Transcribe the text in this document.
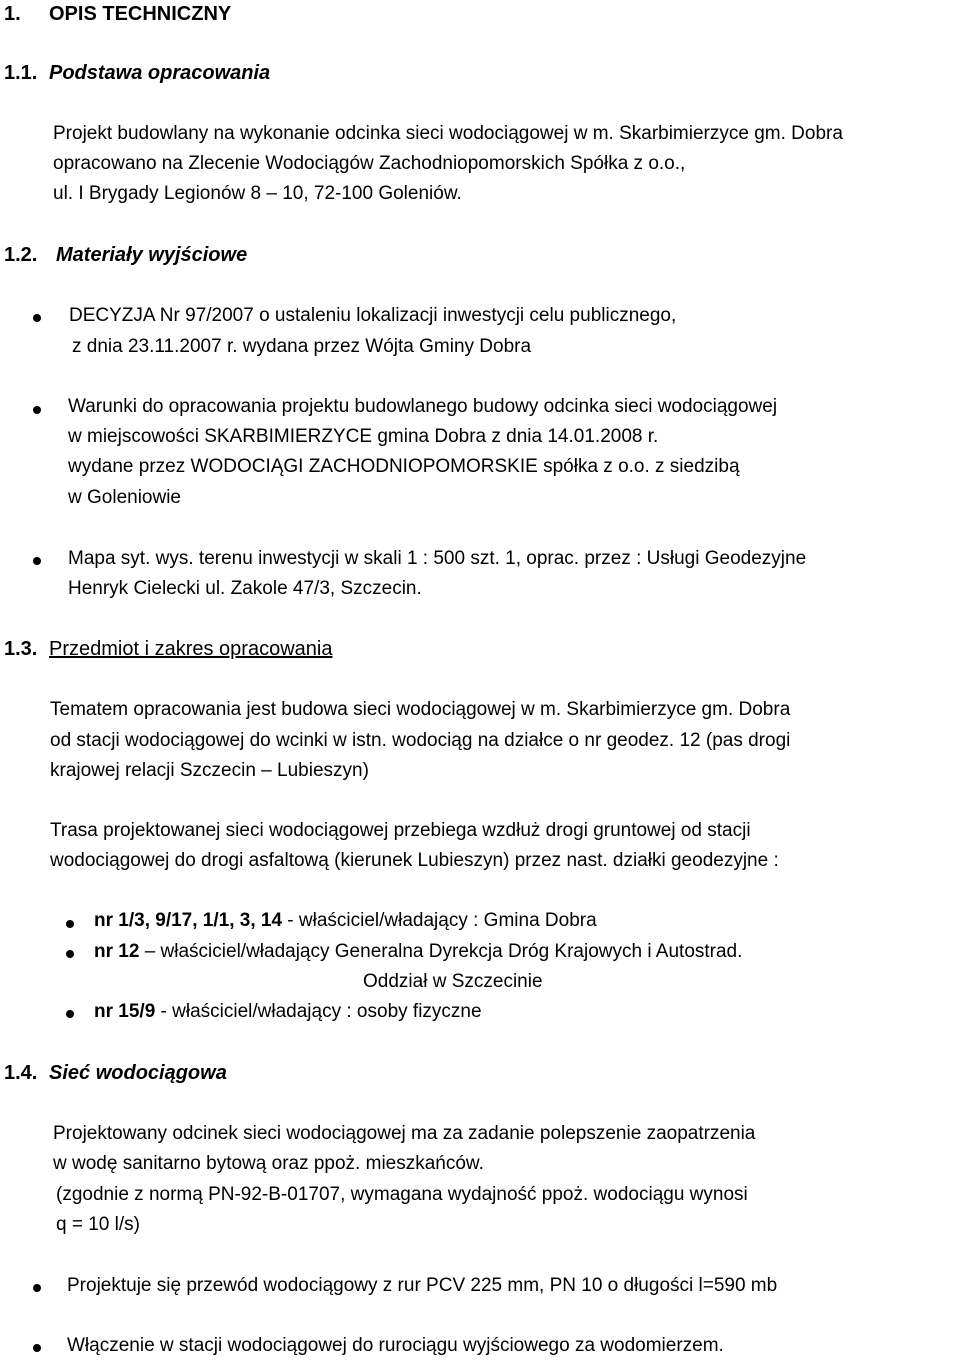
1. OPIS TECHNICZNY
1.1. Podstawa opracowania
Projekt budowlany na wykonanie odcinka sieci wodociągowej w m. Skarbimierzyce gm. Dobra
opracowano na Zlecenie Wodociągów Zachodniopomorskich Spółka z o.o.,
ul. I Brygady Legionów 8 – 10, 72-100 Goleniów.
1.2. Materiały wyjściowe
DECYZJA Nr 97/2007 o ustaleniu lokalizacji inwestycji celu publicznego,
z dnia 23.11.2007 r. wydana przez Wójta Gminy Dobra
Warunki do opracowania projektu budowlanego budowy odcinka sieci wodociągowej
w miejscowości SKARBIMIERZYCE gmina Dobra z dnia 14.01.2008 r.
wydane przez WODOCIĄGI ZACHODNIOPOMORSKIE spółka z o.o. z siedzibą
w Goleniowie
Mapa syt. wys. terenu inwestycji w skali 1 : 500 szt. 1, oprac. przez : Usługi Geodezyjne
Henryk Cielecki ul. Zakole 47/3, Szczecin.
1.3. Przedmiot i zakres opracowania
Tematem opracowania jest budowa sieci wodociągowej w m. Skarbimierzyce gm. Dobra
od stacji wodociągowej do wcinki w istn. wodociąg na działce o nr geodez. 12 (pas drogi
krajowej relacji Szczecin – Lubieszyn)
Trasa projektowanej sieci wodociągowej przebiega wzdłuż drogi gruntowej od stacji
wodociągowej do drogi asfaltową (kierunek Lubieszyn) przez nast. działki geodezyjne :
nr 1/3, 9/17, 1/1, 3, 14 - właściciel/władający : Gmina Dobra
nr 12 – właściciel/władający Generalna Dyrekcja Dróg Krajowych i Autostrad.
Oddział w Szczecinie
nr 15/9 - właściciel/władający : osoby fizyczne
1.4. Sieć wodociągowa
Projektowany odcinek sieci wodociągowej ma za zadanie polepszenie zaopatrzenia
w wodę sanitarno bytową oraz ppoż. mieszkańców.
(zgodnie z normą PN-92-B-01707, wymagana wydajność ppoż. wodociągu wynosi
q = 10 l/s)
Projektuje się przewód wodociągowy z rur PCV 225 mm, PN 10 o długości l=590 mb
Włączenie w stacji wodociągowej do rurociągu wyjściowego za wodomierzem.
